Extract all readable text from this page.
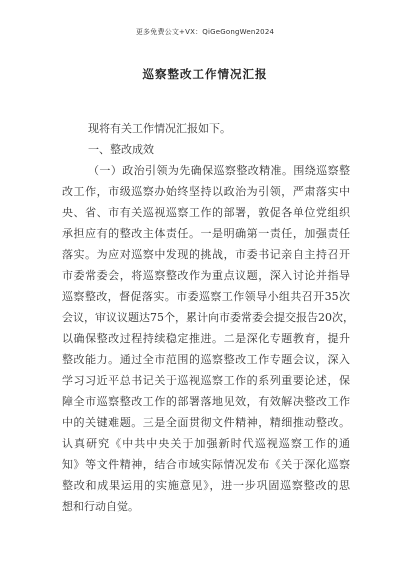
更多免费公文+VX：QiGeGongWen2024
巡察整改工作情况汇报
现将有关工作情况汇报如下。
一、整改成效
（一）政治引领为先确保巡察整改精准。围绕巡察整
改工作，市级巡察办始终坚持以政治为引领，严肃落实中
央、省、市有关巡视巡察工作的部署，敦促各单位党组织
承担应有的整改主体责任。一是明确第一责任，加强责任
落实。为应对巡察中发现的挑战，市委书记亲自主持召开
市委常委会，将巡察整改作为重点议题，深入讨论并指导
巡察整改，督促落实。市委巡察工作领导小组共召开35次
会议，审议议题达75个，累计向市委常委会提交报告20次，
以确保整改过程持续稳定推进。二是深化专题教育，提升
整改能力。通过全市范围的巡察整改工作专题会议，深入
学习习近平总书记关于巡视巡察工作的系列重要论述，保
障全市巡察整改工作的部署落地见效，有效解决整改工作
中的关键难题。三是全面贯彻文件精神，精细推动整改。
认真研究《中共中央关于加强新时代巡视巡察工作的通
知》等文件精神，结合市域实际情况发布《关于深化巡察
整改和成果运用的实施意见》，进一步巩固巡察整改的思
想和行动自觉。
